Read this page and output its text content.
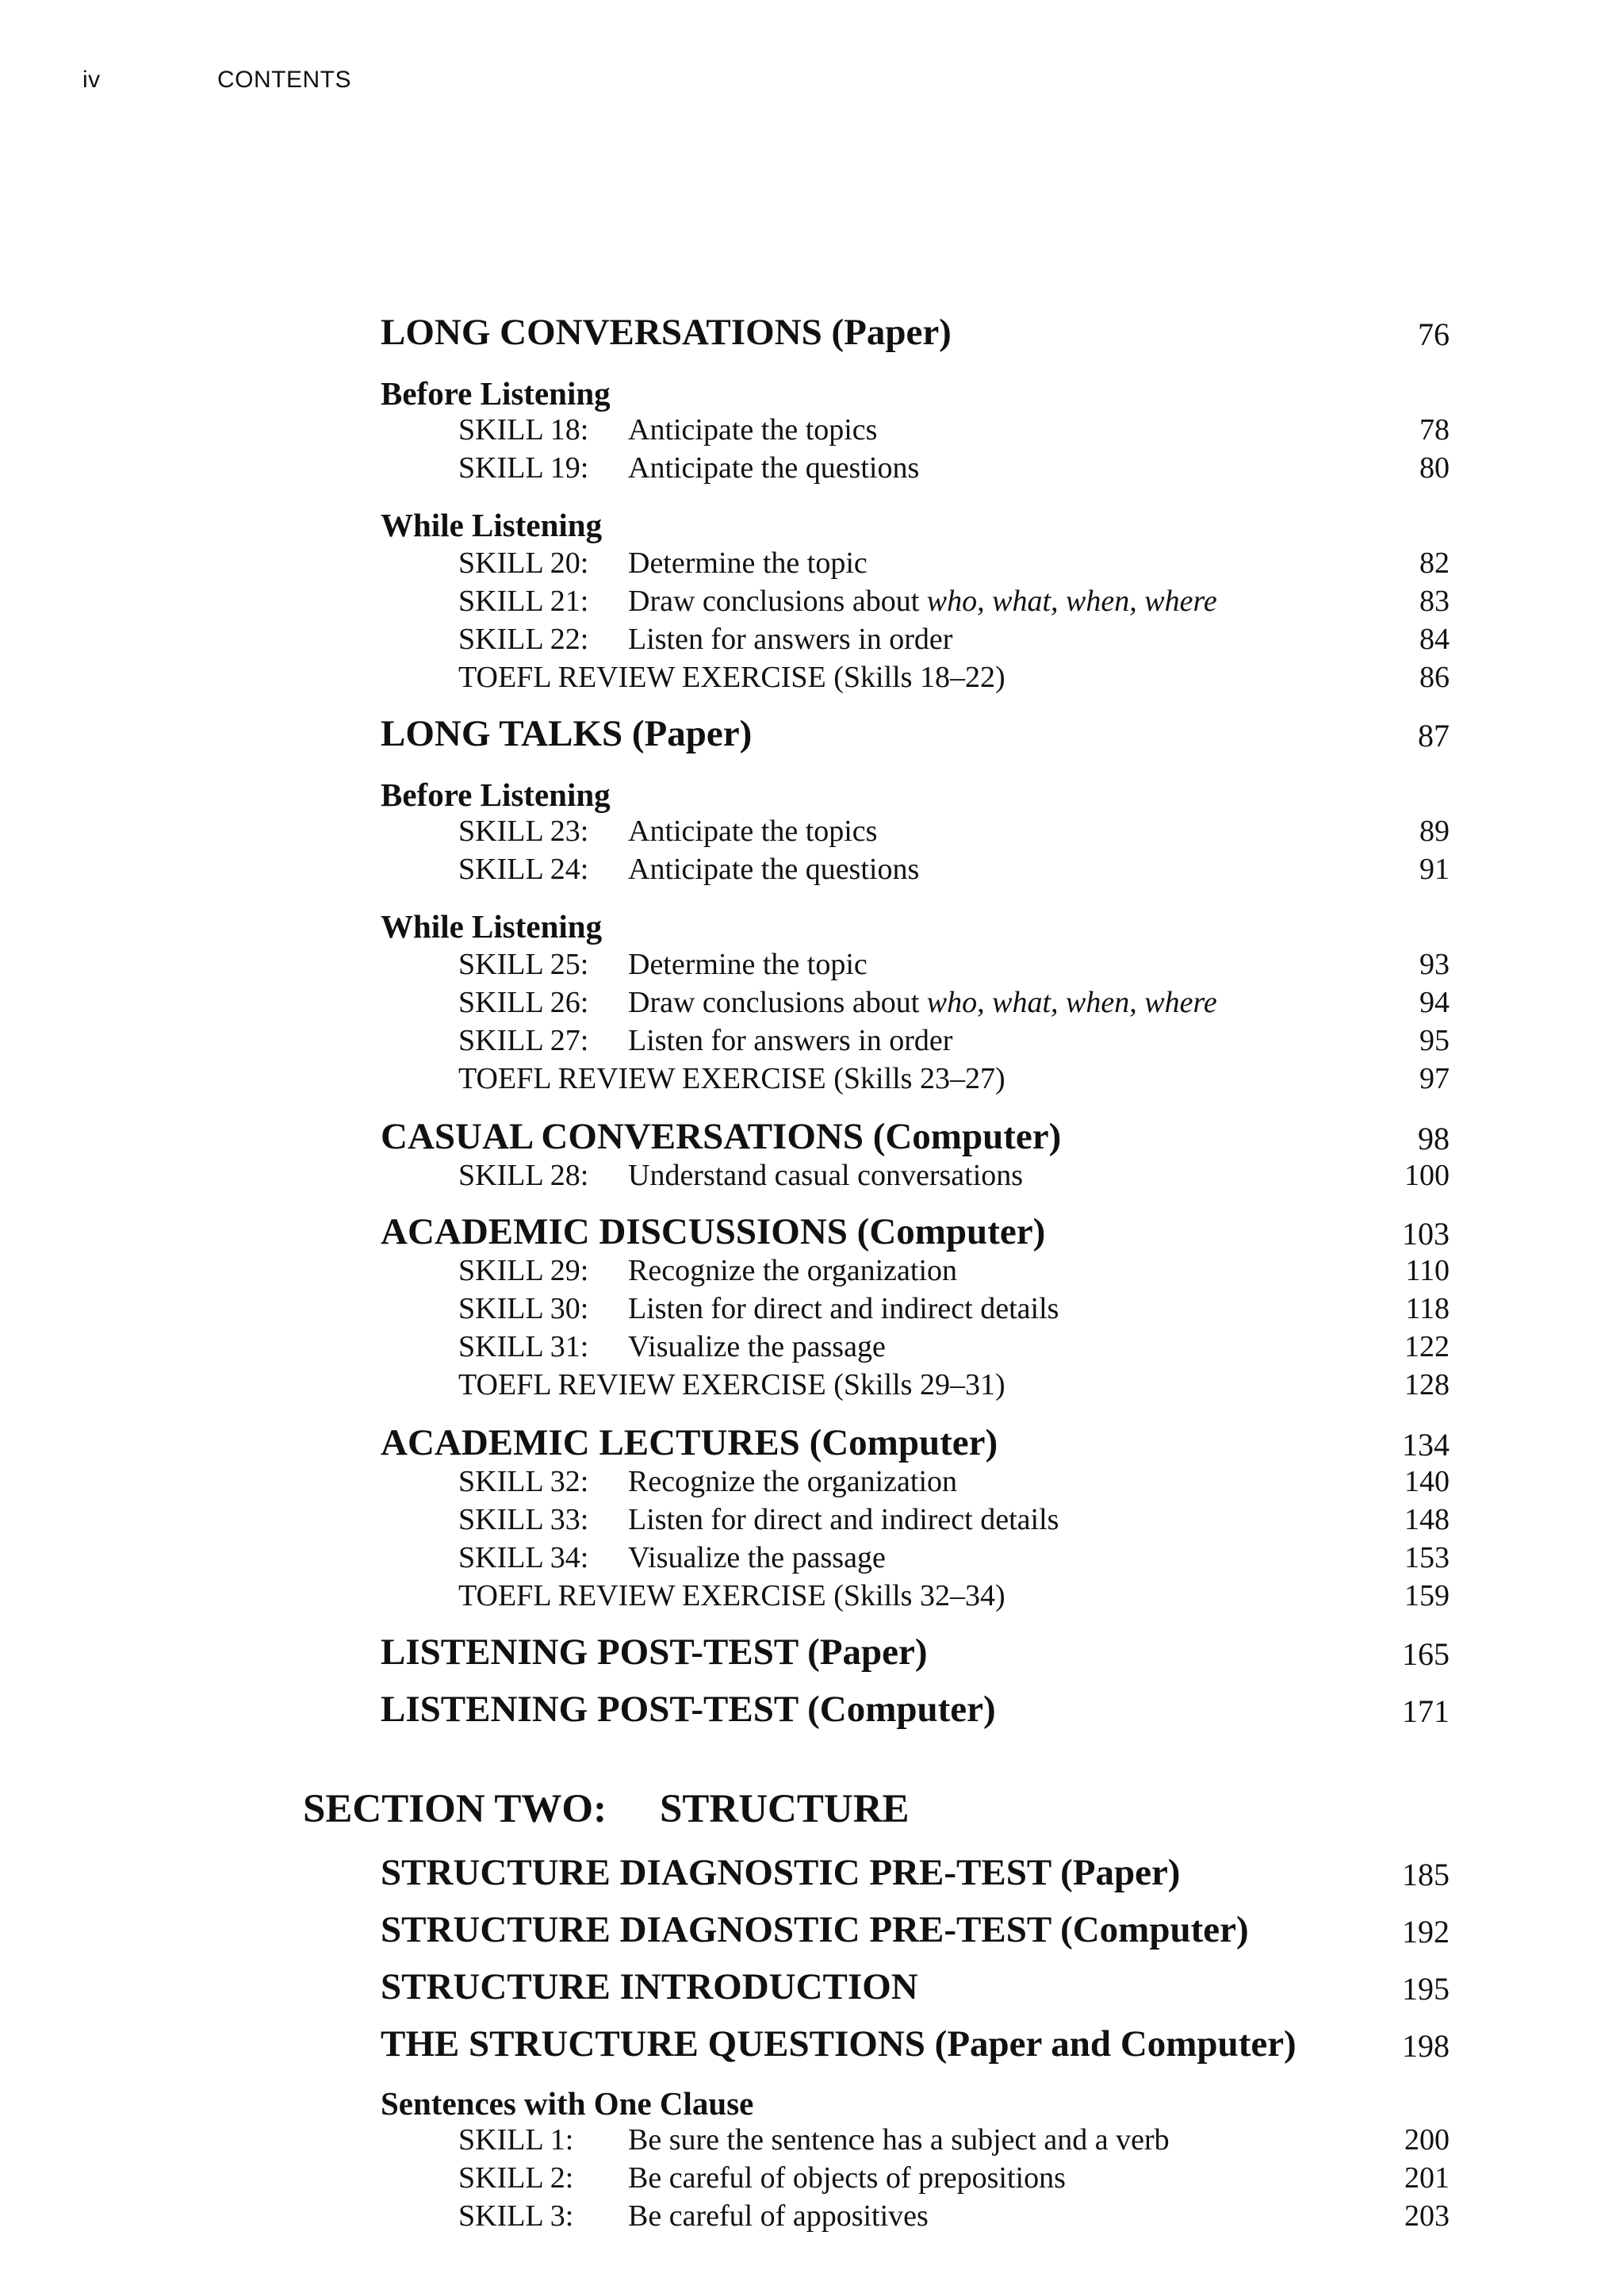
iv	CONTENTS
LONG CONVERSATIONS (Paper)	76
Before Listening
SKILL 18: Anticipate the topics	78
SKILL 19: Anticipate the questions	80
While Listening
SKILL 20: Determine the topic	82
SKILL 21: Draw conclusions about who, what, when, where	83
SKILL 22: Listen for answers in order	84
TOEFL REVIEW EXERCISE (Skills 18–22)	86
LONG TALKS (Paper)	87
Before Listening
SKILL 23: Anticipate the topics	89
SKILL 24: Anticipate the questions	91
While Listening
SKILL 25: Determine the topic	93
SKILL 26: Draw conclusions about who, what, when, where	94
SKILL 27: Listen for answers in order	95
TOEFL REVIEW EXERCISE (Skills 23–27)	97
CASUAL CONVERSATIONS (Computer)	98
SKILL 28: Understand casual conversations	100
ACADEMIC DISCUSSIONS (Computer)	103
SKILL 29: Recognize the organization	110
SKILL 30: Listen for direct and indirect details	118
SKILL 31: Visualize the passage	122
TOEFL REVIEW EXERCISE (Skills 29–31)	128
ACADEMIC LECTURES (Computer)	134
SKILL 32: Recognize the organization	140
SKILL 33: Listen for direct and indirect details	148
SKILL 34: Visualize the passage	153
TOEFL REVIEW EXERCISE (Skills 32–34)	159
LISTENING POST-TEST (Paper)	165
LISTENING POST-TEST (Computer)	171
SECTION TWO: STRUCTURE
STRUCTURE DIAGNOSTIC PRE-TEST (Paper)	185
STRUCTURE DIAGNOSTIC PRE-TEST (Computer)	192
STRUCTURE INTRODUCTION	195
THE STRUCTURE QUESTIONS (Paper and Computer)	198
Sentences with One Clause
SKILL 1: Be sure the sentence has a subject and a verb	200
SKILL 2: Be careful of objects of prepositions	201
SKILL 3: Be careful of appositives	203
